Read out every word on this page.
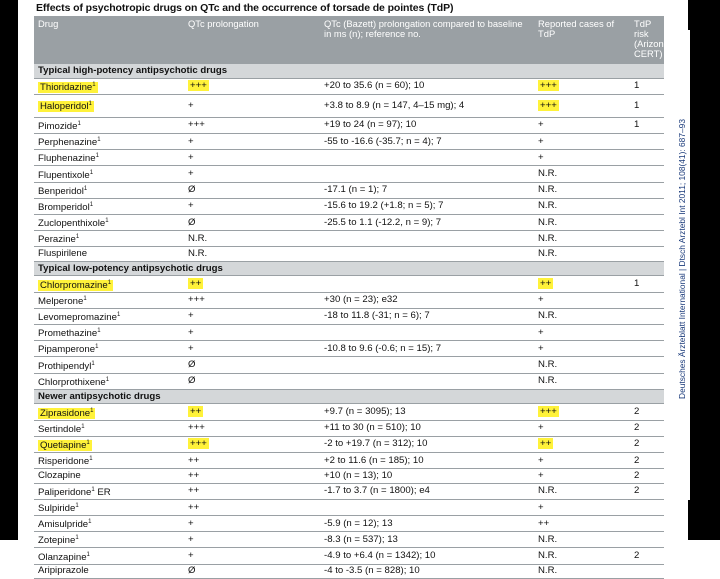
Effects of psychotropic drugs on QTc and the occurrence of torsade de pointes (TdP)
Drug	QTc prolongation	QTc (Bazett) prolongation compared to baseline in ms (n); reference no.	Reported cases of TdP	TdP risk (Arizona CERT)
Typical high-potency antipsychotic drugs				
Thioridazine$^1$	+++	+20 to 35.6 (n = 60); 10	+++	1
Haloperidol$^1$	+	+3.8 to 8.9 (n = 147, 4–15 mg); 4	+++	1
Pimozide$^1$	+++	+19 to 24 (n = 97); 10	+	1
Perphenazine$^1$	+	-55 to -16.6 (-35.7; n = 4); 7	+	
Fluphenazine$^1$	+		+	
Flupentixole$^1$	+		N.R.	
Benperidol$^1$	Ø	-17.1 (n = 1); 7	N.R.	
Bromperidol$^1$	+	-15.6 to 19.2 (+1.8; n = 5); 7	N.R.	
Zuclopenthixole$^1$	Ø	-25.5 to 1.1 (-12.2, n = 9); 7	N.R.	
Perazine$^1$	N.R.		N.R.	
Fluspirilene	N.R.		N.R.	
Typical low-potency antipsychotic drugs				
Chlorpromazine$^1$	++		++	1
Melperone$^1$	+++	+30 (n = 23); e32	+	
Levomepromazine$^1$	+	-18 to 11.8 (-31; n = 6); 7	N.R.	
Promethazine$^1$	+		+	
Pipamperone$^1$	+	-10.8 to 9.6 (-0.6; n = 15); 7	+	
Prothipendyl$^1$	Ø		N.R.	
Chlorprothixene$^1$	Ø		N.R.	
Newer antipsychotic drugs				
Ziprasidone$^1$	++	+9.7 (n = 3095); 13	+++	2
Sertindole$^1$	+++	+11 to 30 (n = 510); 10	+	2
Quetiapine$^1$	+++	-2 to +19.7 (n = 312); 10	++	2
Risperidone$^1$	++	+2 to 11.6 (n = 185); 10	+	2
Clozapine	++	+10 (n = 13); 10	+	2
Paliperidone$^1$ ER	++	-1.7 to 3.7 (n = 1800); e4	N.R.	2
Sulpiride$^1$	++		+	
Amisulpride$^1$	+	-5.9 (n = 12); 13	++	
Zotepine$^1$	+	-8.3 (n = 537); 13	N.R.	
Olanzapine$^1$	+	-4.9 to +6.4 (n = 1342); 10	N.R.	2
Aripiprazole	Ø	-4 to -3.5 (n = 828); 10	N.R.	
Deutsches Ärzteblatt International | Dtsch Arztebl Int 2011; 108(41): 687–93
